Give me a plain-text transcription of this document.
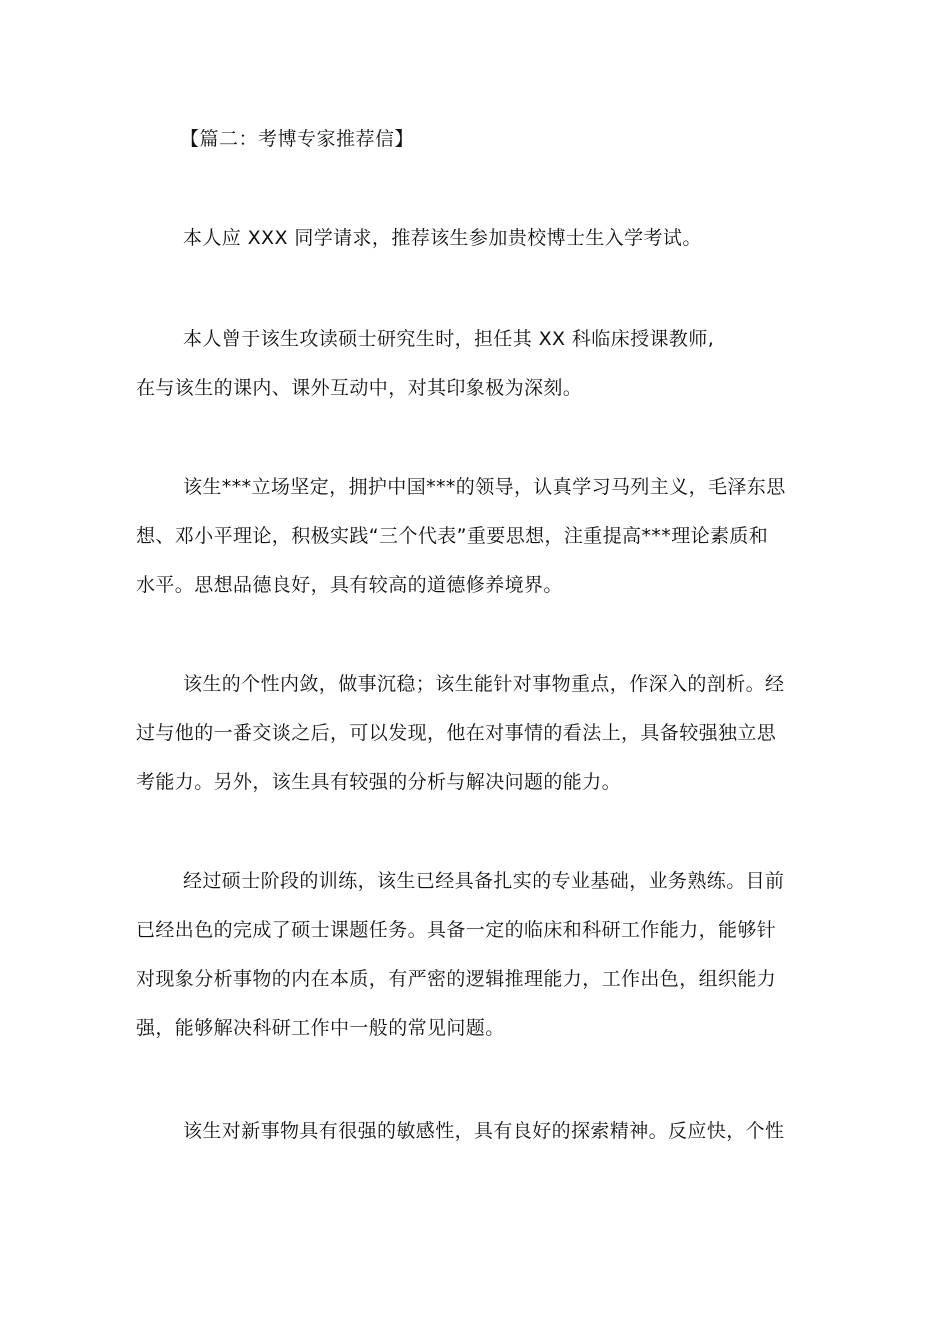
【篇二：考博专家推荐信】
本人应 XXX 同学请求，推荐该生参加贵校博士生入学考试。
本人曾于该生攻读硕士研究生时，担任其 XX 科临床授课教师,
在与该生的课内、课外互动中，对其印象极为深刻。
该生***立场坚定，拥护中国***的领导，认真学习马列主义，毛泽东思
想、邓小平理论，积极实践“三个代表”重要思想，注重提高***理论素质和
水平。思想品德良好，具有较高的道德修养境界。
该生的个性内敛，做事沉稳；该生能针对事物重点，作深入的剖析。经
过与他的一番交谈之后，可以发现，他在对事情的看法上，具备较强独立思
考能力。另外，该生具有较强的分析与解决问题的能力。
经过硕士阶段的训练，该生已经具备扎实的专业基础，业务熟练。目前
已经出色的完成了硕士课题任务。具备一定的临床和科研工作能力，能够针
对现象分析事物的内在本质，有严密的逻辑推理能力，工作出色，组织能力
强，能够解决科研工作中一般的常见问题。
该生对新事物具有很强的敏感性，具有良好的探索精神。反应快，个性
